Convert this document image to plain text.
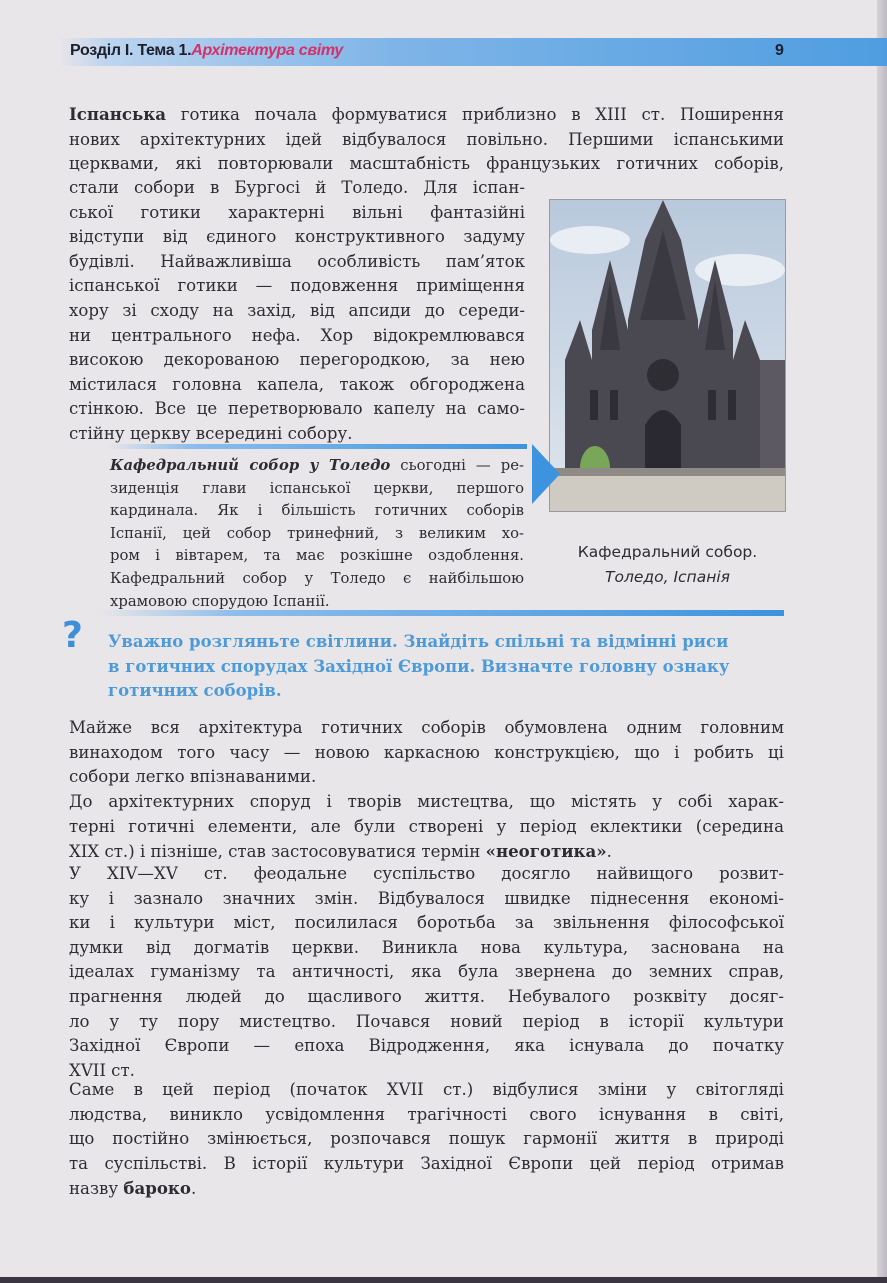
Розділ І. Тема 1.Архітектура світу	9
Іспанська готика почала формуватися приблизно в XIII ст. Поширення
нових архітектурних ідей відбувалося повільно. Першими іспанськими
церквами, які повторювали масштабність французьких готичних соборів,
стали собори в Бургосі й Толедо. Для іспан-
ської готики характерні вільні фантазійні
відступи від єдиного конструктивного задуму
будівлі. Найважливіша особливість пам’яток
іспанської готики — подовження приміщення
хору зі сходу на захід, від апсиди до середи-
ни центрального нефа. Хор відокремлювався
високою декорованою перегородкою, за нею
містилася головна капела, також обгороджена
стінкою. Все це перетворювало капелу на само-
стійну церкву всередині собору.
Кафедральний собор.
Толедо, Іспанія
Кафедральний собор у Толедо сьогодні — ре-
зиденція глави іспанської церкви, першого
кардинала. Як і більшість готичних соборів
Іспанії, цей собор тринефний, з великим хо-
ром і вівтарем, та має розкішне оздоблення.
Кафедральний собор у Толедо є найбільшою
храмовою спорудою Іспанії.
? Уважно розгляньте світлини. Знайдіть спільні та відмінні риси
в готичних спорудах Західної Європи. Визначте головну ознаку
готичних соборів.
Майже вся архітектура готичних соборів обумовлена одним головним
винаходом того часу — новою каркасною конструкцією, що і робить ці
собори легко впізнаваними.
До архітектурних споруд і творів мистецтва, що містять у собі харак-
терні готичні елементи, але були створені у період еклектики (середина
XIX ст.) і пізніше, став застосовуватися термін «неоготика».
У XIV—XV ст. феодальне суспільство досягло найвищого розвит-
ку і зазнало значних змін. Відбувалося швидке піднесення економі-
ки і культури міст, посилилася боротьба за звільнення філософської
думки від догматів церкви. Виникла нова культура, заснована на
ідеалах гуманізму та античності, яка була звернена до земних справ,
прагнення людей до щасливого життя. Небувалого розквіту досяг-
ло у ту пору мистецтво. Почався новий період в історії культури
Західної Європи — епоха Відродження, яка існувала до початку
XVII ст.
Саме в цей період (початок XVII ст.) відбулися зміни у світогляді
людства, виникло усвідомлення трагічності свого існування в світі,
що постійно змінюється, розпочався пошук гармонії життя в природі
та суспільстві. В історії культури Західної Європи цей період отримав
назву бароко.
